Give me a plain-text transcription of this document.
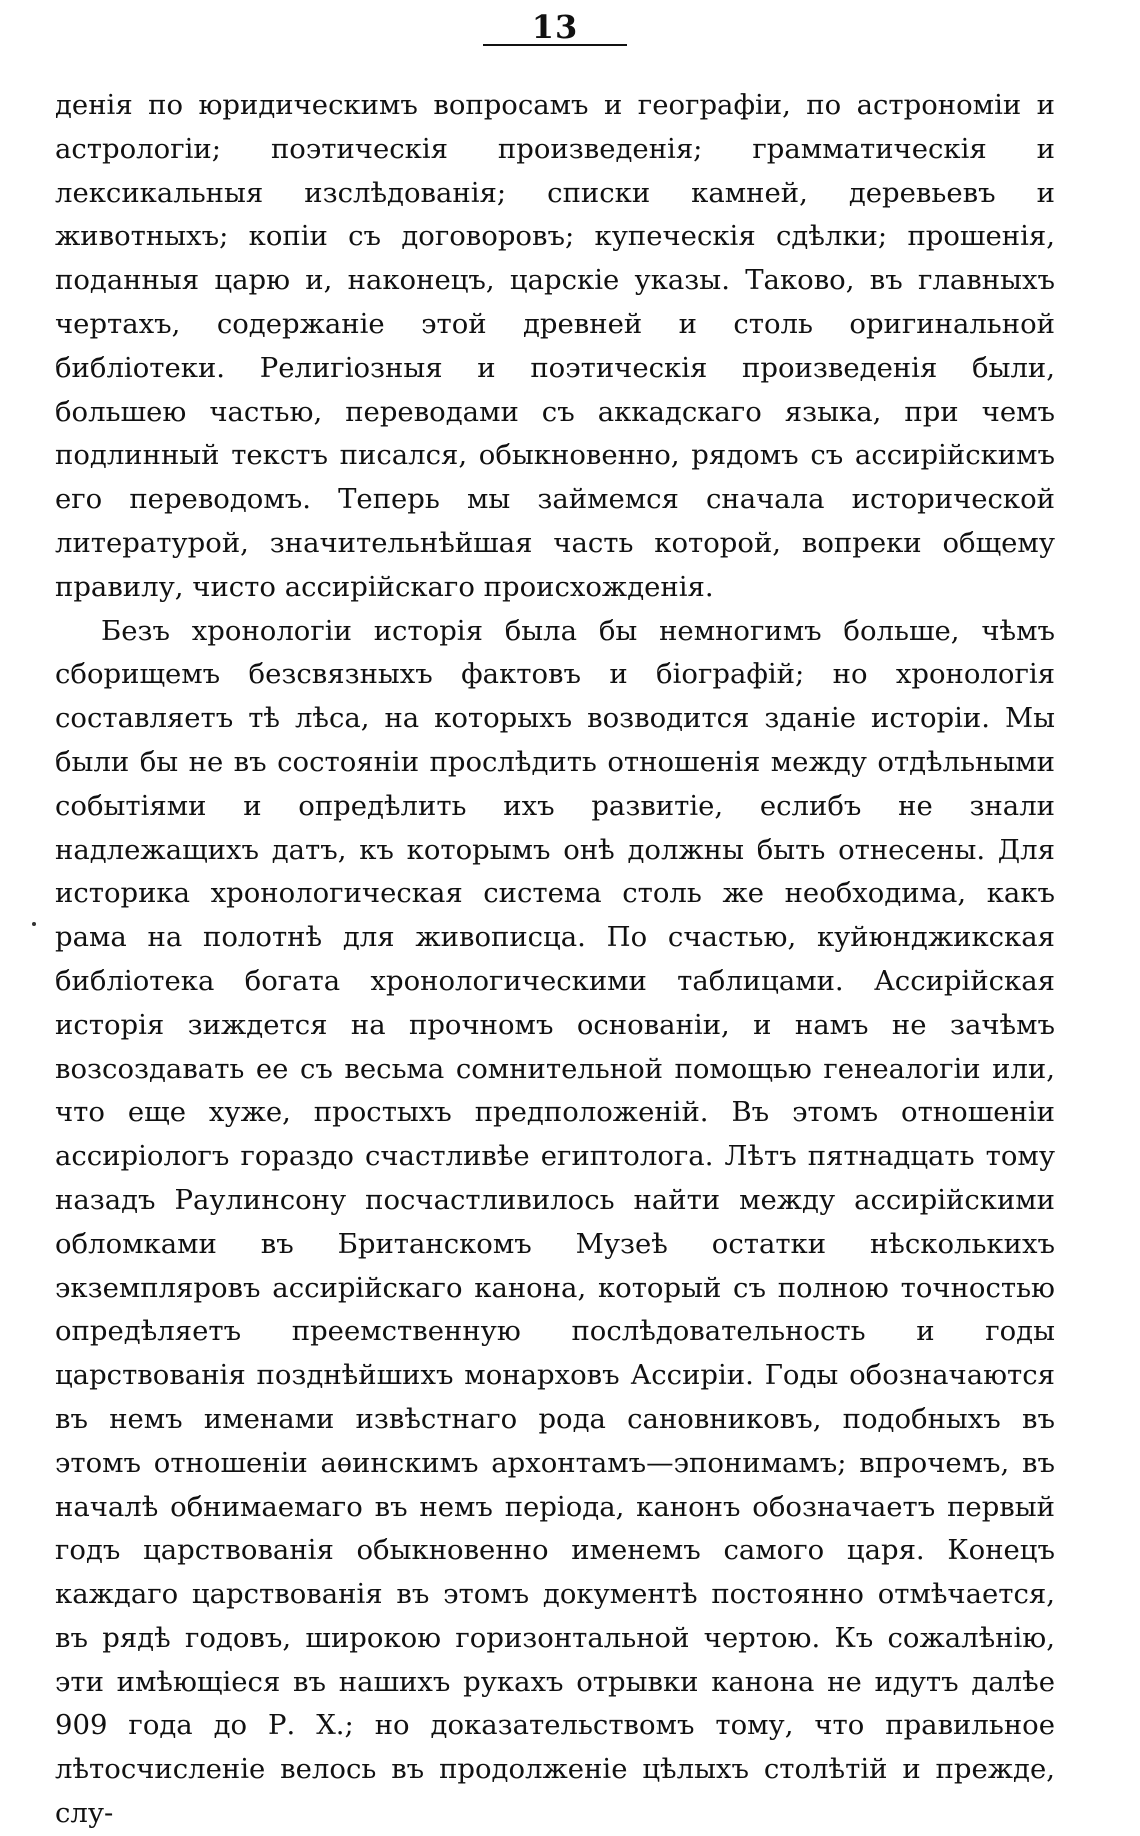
13

денія по юридическимъ вопросамъ и географіи, по астрономіи и астрологіи; поэтическія произведенія; грамматическія и лексикальныя изслѣдованія; списки камней, деревьевъ и животныхъ; копіи съ договоровъ; купеческія сдѣлки; прошенія, поданныя царю и, наконецъ, царскіе указы. Таково, въ главныхъ чертахъ, содержаніе этой древней и столь оригинальной библіотеки. Религіозныя и поэтическія произведенія были, большею частью, переводами съ аккадскаго языка, при чемъ подлинный текстъ писался, обыкновенно, рядомъ съ ассирійскимъ его переводомъ. Теперь мы займемся сначала исторической литературой, значительнѣйшая часть которой, вопреки общему правилу, чисто ассирійскаго происхожденія.

Безъ хронологіи исторія была бы немногимъ больше, чѣмъ сборищемъ безсвязныхъ фактовъ и біографій; но хронологія составляетъ тѣ лѣса, на которыхъ возводится зданіе исторіи. Мы были бы не въ состояніи прослѣдить отношенія между отдѣльными событіями и опредѣлить ихъ развитіе, еслибъ не знали надлежащихъ датъ, къ которымъ онѣ должны быть отнесены. Для историка хронологическая система столь же необходима, какъ рама на полотнѣ для живописца. По счастью, куйюнджикская библіотека богата хронологическими таблицами. Ассирійская исторія зиждется на прочномъ основаніи, и намъ не зачѣмъ возсоздавать ее съ весьма сомнительной помощью генеалогіи или, что еще хуже, простыхъ предположеній. Въ этомъ отношеніи ассиріологъ гораздо счастливѣе египтолога. Лѣтъ пятнадцать тому назадъ Раулинсону посчастливилось найти между ассирійскими обломками въ Британскомъ Музеѣ остатки нѣсколькихъ экземпляровъ ассирійскаго канона, который съ полною точностью опредѣляетъ преемственную послѣдовательность и годы царствованія позднѣйшихъ монарховъ Ассиріи. Годы обозначаются въ немъ именами извѣстнаго рода сановниковъ, подобныхъ въ этомъ отношеніи аѳинскимъ архонтамъ—эпонимамъ; впрочемъ, въ началѣ обнимаемаго въ немъ періода, канонъ обозначаетъ первый годъ царствованія обыкновенно именемъ самого царя. Конецъ каждаго царствованія въ этомъ документѣ постоянно отмѣчается, въ рядѣ годовъ, широкою горизонтальной чертою. Къ сожалѣнію, эти имѣющіеся въ нашихъ рукахъ отрывки канона не идутъ далѣе 909 года до Р. Х.; но доказательствомъ тому, что правильное лѣтосчисленіе велось въ продолженіе цѣлыхъ столѣтій и прежде, слу-
